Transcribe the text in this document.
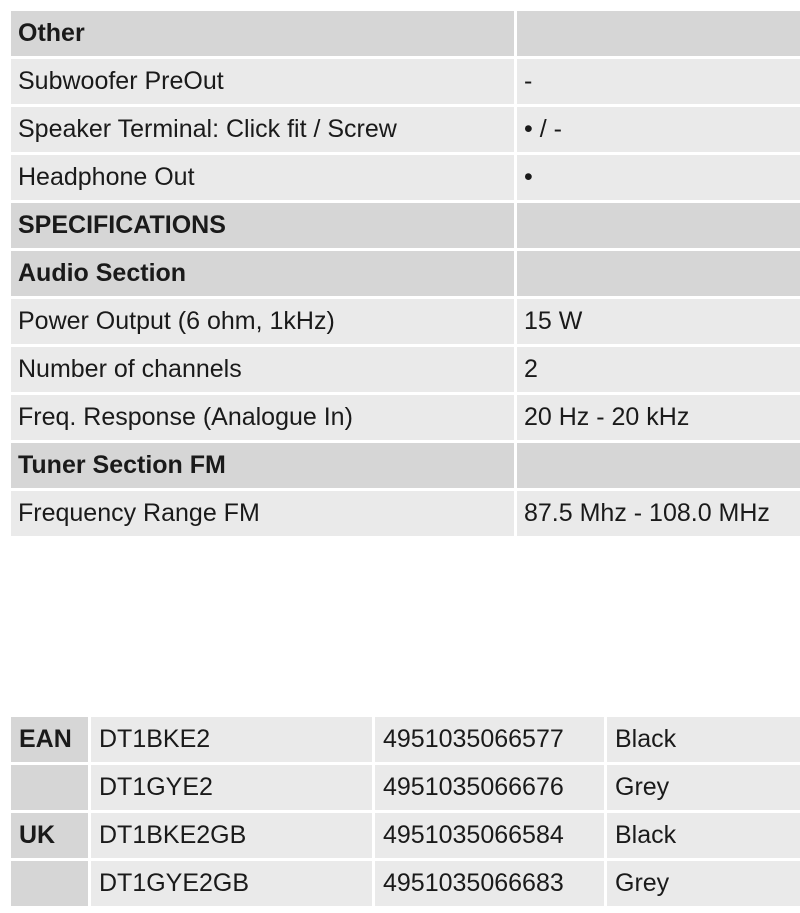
Other	
Subwoofer PreOut	-
Speaker Terminal: Click fit / Screw	• / -
Headphone Out	•
SPECIFICATIONS	
Audio Section	
Power Output (6 ohm, 1kHz)	15 W
Number of channels	2
Freq. Response (Analogue In)	20 Hz - 20 kHz
Tuner Section FM	
Frequency Range FM	87.5 Mhz - 108.0 MHz
EAN	DT1BKE2	4951035066577	Black
	DT1GYE2	4951035066676	Grey
UK	DT1BKE2GB	4951035066584	Black
	DT1GYE2GB	4951035066683	Grey
